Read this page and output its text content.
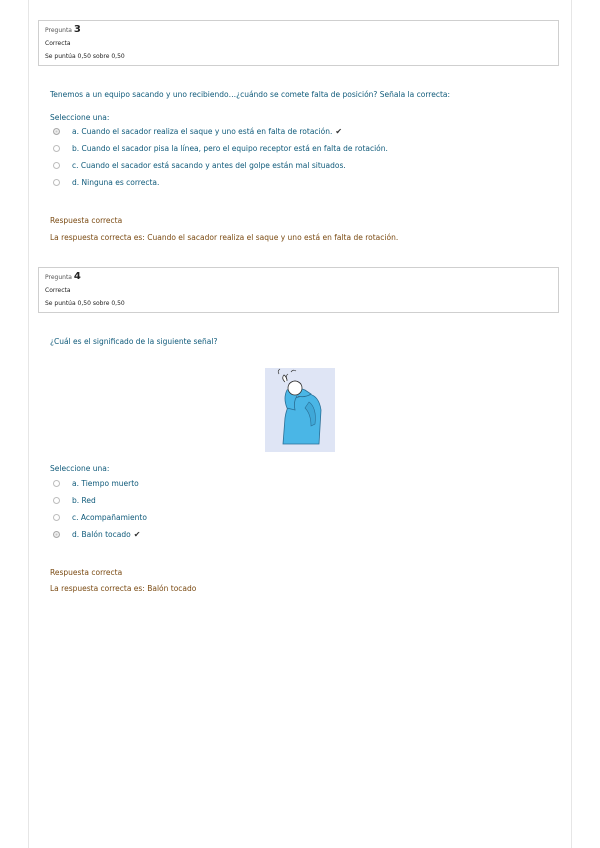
Pregunta 3
Correcta
Se puntúa 0,50 sobre 0,50
Tenemos a un equipo sacando y uno recibiendo…¿cuándo se comete falta de posición? Señala la correcta:
Seleccione una:
a. Cuando el sacador realiza el saque y uno está en falta de rotación. ✔
b. Cuando el sacador pisa la línea, pero el equipo receptor está en falta de rotación.
c. Cuando el sacador está sacando y antes del golpe están mal situados.
d. Ninguna es correcta.
Respuesta correcta
La respuesta correcta es: Cuando el sacador realiza el saque y uno está en falta de rotación.
Pregunta 4
Correcta
Se puntúa 0,50 sobre 0,50
¿Cuál es el significado de la siguiente señal?
Seleccione una:
a. Tiempo muerto
b. Red
c. Acompañamiento
d. Balón tocado ✔
Respuesta correcta
La respuesta correcta es: Balón tocado
